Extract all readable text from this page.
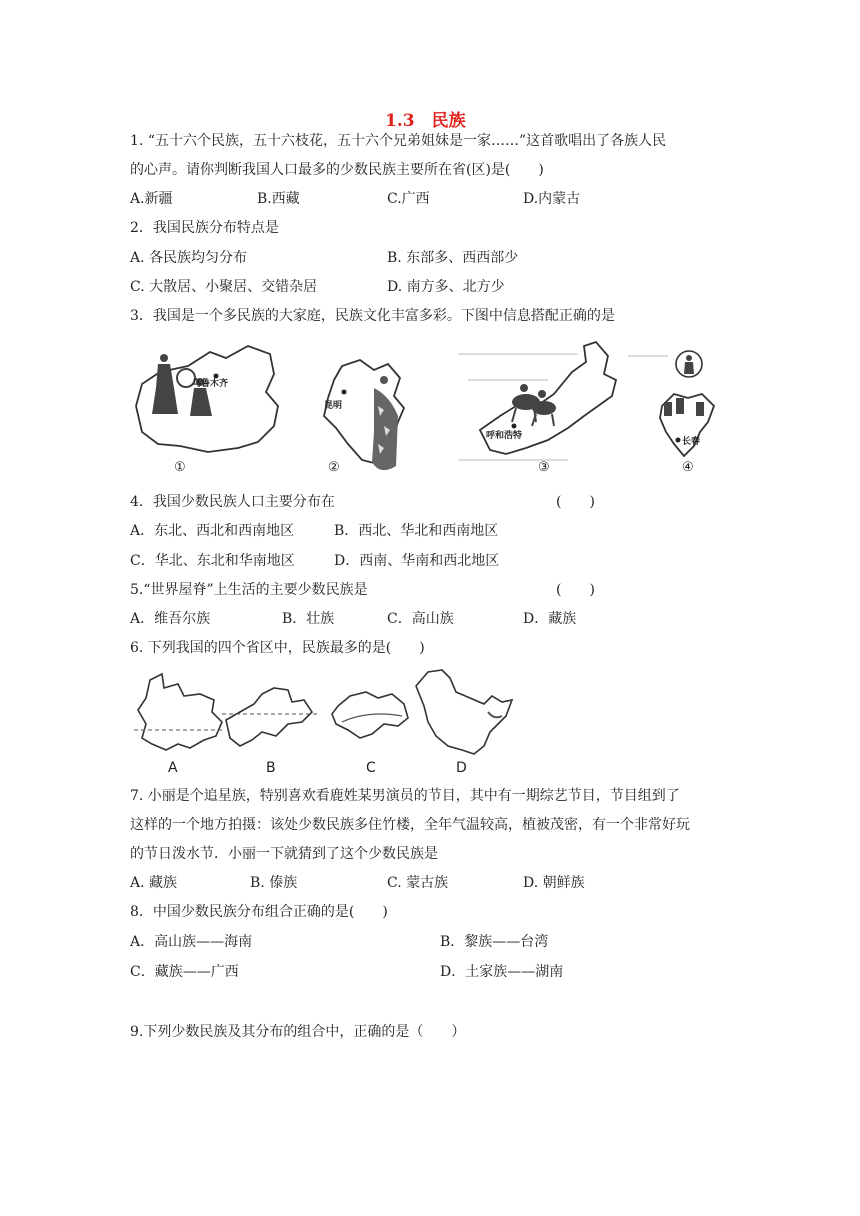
1.3　民族
1. “五十六个民族，五十六枝花，五十六个兄弟姐妹是一家……”这首歌唱出了各族人民
的心声。请你判断我国人口最多的少数民族主要所在省(区)是(　　)
A.新疆	B.西藏	C.广西	D.内蒙古
2．我国民族分布特点是
A. 各民族均匀分布	B. 东部多、西西部少
C. 大散居、小聚居、交错杂居	D. 南方多、北方少
3．我国是一个多民族的大家庭，民族文化丰富多彩。下图中信息搭配正确的是
乌鲁木齐
昆明
呼和浩特
长春
①	②	③	④
4．我国少数民族人口主要分布在	(　　)
A．东北、西北和西南地区	B．西北、华北和西南地区
C．华北、东北和华南地区	D．西南、华南和西北地区
5.“世界屋脊”上生活的主要少数民族是	(　　)
A．维吾尔族	B．壮族	C．高山族	D．藏族
6. 下列我国的四个省区中，民族最多的是(　　)
A	B	C	D
7. 小丽是个追星族，特别喜欢看鹿姓某男演员的节目，其中有一期综艺节目，节目组到了
这样的一个地方拍摄：该处少数民族多住竹楼，全年气温较高，植被茂密，有一个非常好玩
的节日泼水节．小丽一下就猜到了这个少数民族是
A. 藏族	B. 傣族	C. 蒙古族	D. 朝鲜族
8．中国少数民族分布组合正确的是(　　)
A．高山族——海南	B．黎族——台湾
C．藏族——广西	D．土家族——湖南
9.下列少数民族及其分布的组合中，正确的是（　　）
